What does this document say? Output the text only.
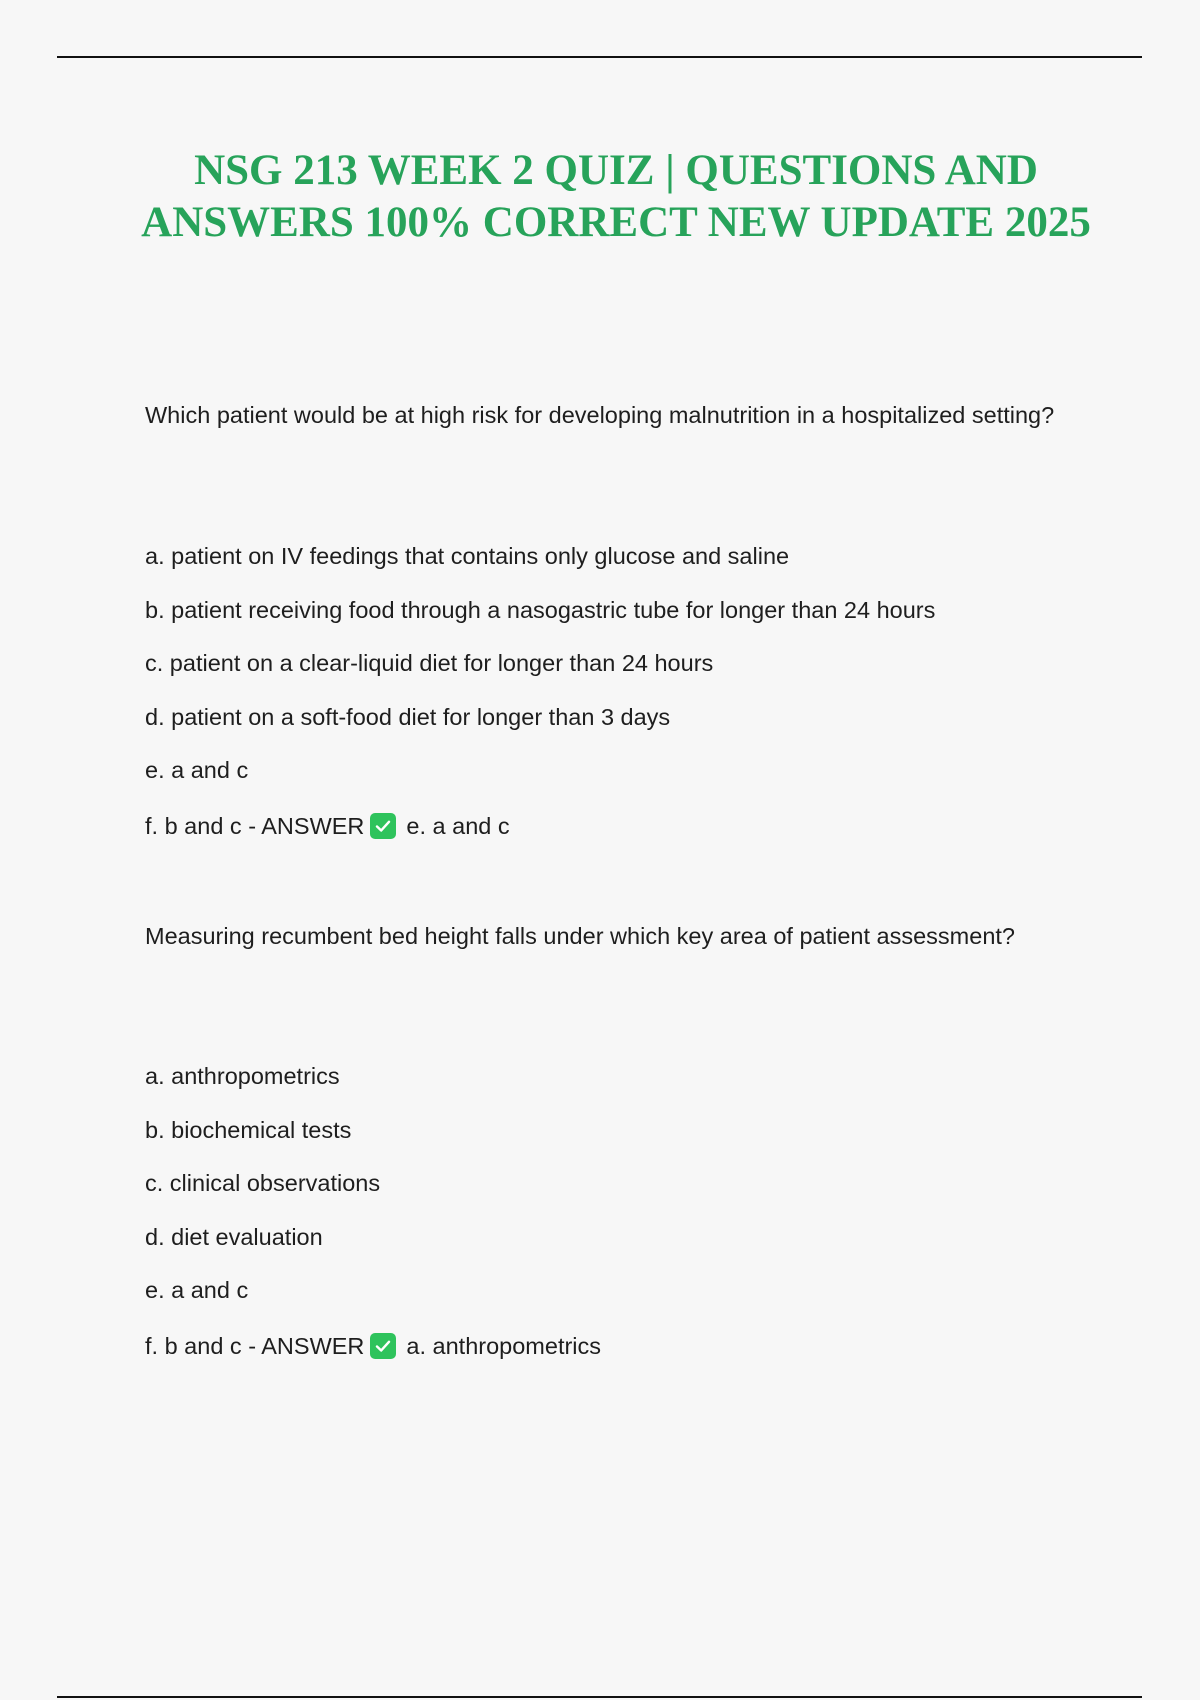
NSG 213 WEEK 2 QUIZ | QUESTIONS AND ANSWERS 100% CORRECT NEW UPDATE 2025

Which patient would be at high risk for developing malnutrition in a hospitalized setting?

a. patient on IV feedings that contains only glucose and saline
b. patient receiving food through a nasogastric tube for longer than 24 hours
c. patient on a clear-liquid diet for longer than 24 hours
d. patient on a soft-food diet for longer than 3 days
e. a and c
f. b and c - ANSWER e. a and c

Measuring recumbent bed height falls under which key area of patient assessment?

a. anthropometrics
b. biochemical tests
c. clinical observations
d. diet evaluation
e. a and c
f. b and c - ANSWER a. anthropometrics
